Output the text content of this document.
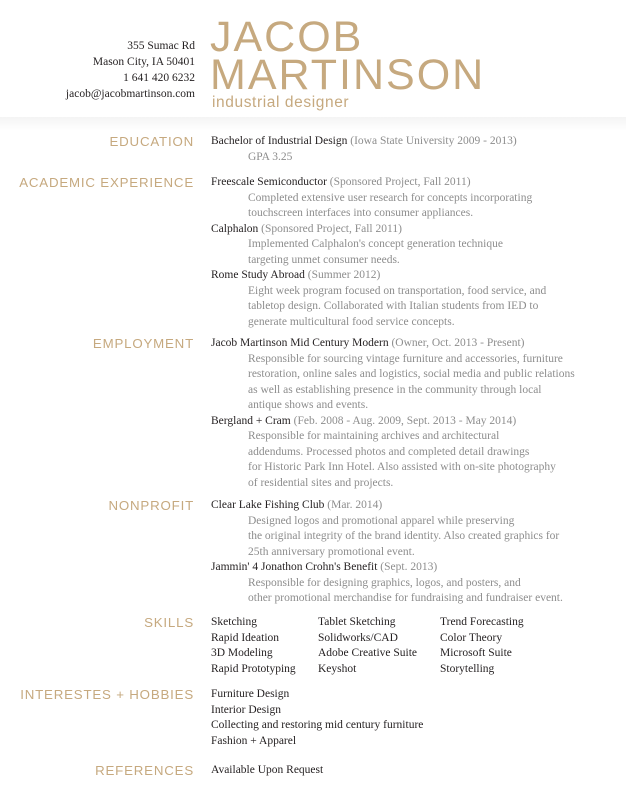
355 Sumac Rd
Mason City, IA 50401
1 641 420 6232
jacob@jacobmartinson.com
JACOB
MARTINSON
industrial designer
EDUCATION Bachelor of Industrial Design (Iowa State University 2009 - 2013)
GPA 3.25
ACADEMIC EXPERIENCE Freescale Semiconductor (Sponsored Project, Fall 2011)
Completed extensive user research for concepts incorporating
touchscreen interfaces into consumer appliances.
Calphalon (Sponsored Project, Fall 2011)
Implemented Calphalon's concept generation technique
targeting unmet consumer needs.
Rome Study Abroad (Summer 2012)
Eight week program focused on transportation, food service, and
tabletop design. Collaborated with Italian students from IED to
generate multicultural food service concepts.
EMPLOYMENT Jacob Martinson Mid Century Modern (Owner, Oct. 2013 - Present)
Responsible for sourcing vintage furniture and accessories, furniture
restoration, online sales and logistics, social media and public relations
as well as establishing presence in the community through local
antique shows and events.
Bergland + Cram (Feb. 2008 - Aug. 2009, Sept. 2013 - May 2014)
Responsible for maintaining archives and architectural
addendums. Processed photos and completed detail drawings
for Historic Park Inn Hotel. Also assisted with on-site photography
of residential sites and projects.
NONPROFIT Clear Lake Fishing Club (Mar. 2014)
Designed logos and promotional apparel while preserving
the original integrity of the brand identity. Also created graphics for
25th anniversary promotional event.
Jammin' 4 Jonathon Crohn's Benefit (Sept. 2013)
Responsible for designing graphics, logos, and posters, and
other promotional merchandise for fundraising and fundraiser event.
SKILLS Sketching	Tablet Sketching	Trend Forecasting
Rapid Ideation	Solidworks/CAD	Color Theory
3D Modeling	Adobe Creative Suite	Microsoft Suite
Rapid Prototyping	Keyshot	Storytelling
INTERESTES + HOBBIES Furniture Design
Interior Design
Collecting and restoring mid century furniture
Fashion + Apparel
REFERENCES Available Upon Request
